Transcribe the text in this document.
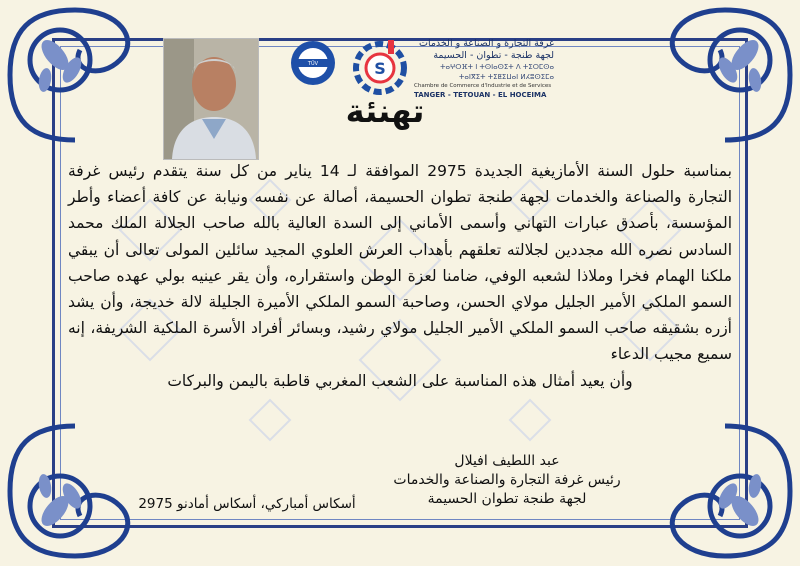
TÜV	S
غرفة التجارة و الصناعة و الخدمات
لجهة طنجة - تطوان - الحسيمة
ⵜⴰⵖⵔⴼⵜ ⵏ ⵜⵙⵏⴰⵙⵉⵜ ⴷ ⵜⵉⵔⵎⵙⴰ
ⵜⴰⵏⴳⵉⵜ ⵜⵉⵟⵉⵡⴰⵏ ⵍⵃⵓⵙⵉⵎⴰ
Chambre de Commerce d'Industrie et de Services
TANGER - TETOUAN - EL HOCEIMA
تهنئة

بمناسبة حلول السنة الأمازيغية الجديدة 2975 الموافقة لـ 14 يناير من كل سنة يتقدم رئيس غرفة التجارة والصناعة والخدمات لجهة طنجة تطوان الحسيمة، أصالة عن نفسه ونيابة عن كافة أعضاء وأطر المؤسسة، بأصدق عبارات التهاني وأسمى الأماني إلى السدة العالية بالله صاحب الجلالة الملك محمد السادس نصره الله مجددين لجلالته تعلقهم بأهداب العرش العلوي المجيد سائلين المولى تعالى أن يبقي ملكنا الهمام فخرا وملاذا لشعبه الوفي، ضامنا لعزة الوطن واستقراره، وأن يقر عينيه بولي عهده صاحب السمو الملكي الأمير الجليل مولاي الحسن، وصاحبة السمو الملكي الأميرة الجليلة لالة خديجة، وأن يشد أزره بشقيقه صاحب السمو الملكي الأمير الجليل مولاي رشيد، وبسائر أفراد الأسرة الملكية الشريفة، إنه سميع مجيب الدعاء

وأن يعيد أمثال هذه المناسبة على الشعب المغربي قاطبة باليمن والبركات

عبد اللطيف افيلال
رئيس غرفة التجارة والصناعة والخدمات
لجهة طنجة تطوان الحسيمة
أسكاس أمباركي، أسكاس أمادنو 2975
